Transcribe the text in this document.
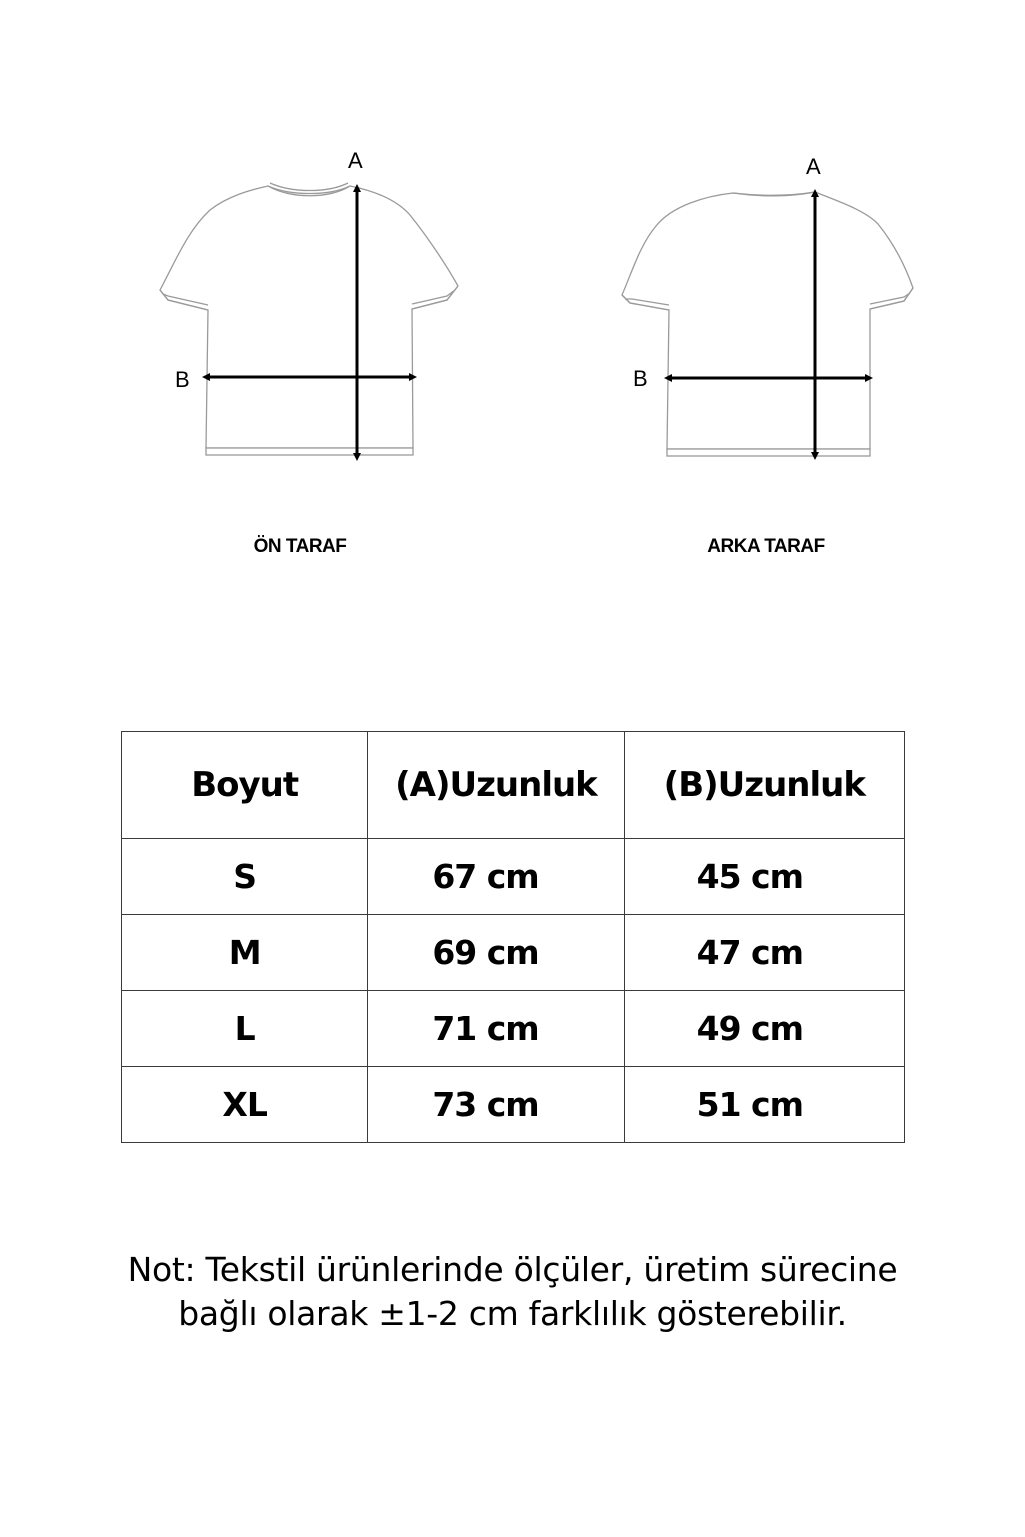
A
B
A
B
ÖN TARAF	ARKA TARAF
Boyut	(A)Uzunluk	(B)Uzunluk
S	67 cm	45 cm
M	69 cm	47 cm
L	71 cm	49 cm
XL	73 cm	51 cm
Not: Tekstil ürünlerinde ölçüler, üretim sürecine
bağlı olarak ±1-2 cm farklılık gösterebilir.
